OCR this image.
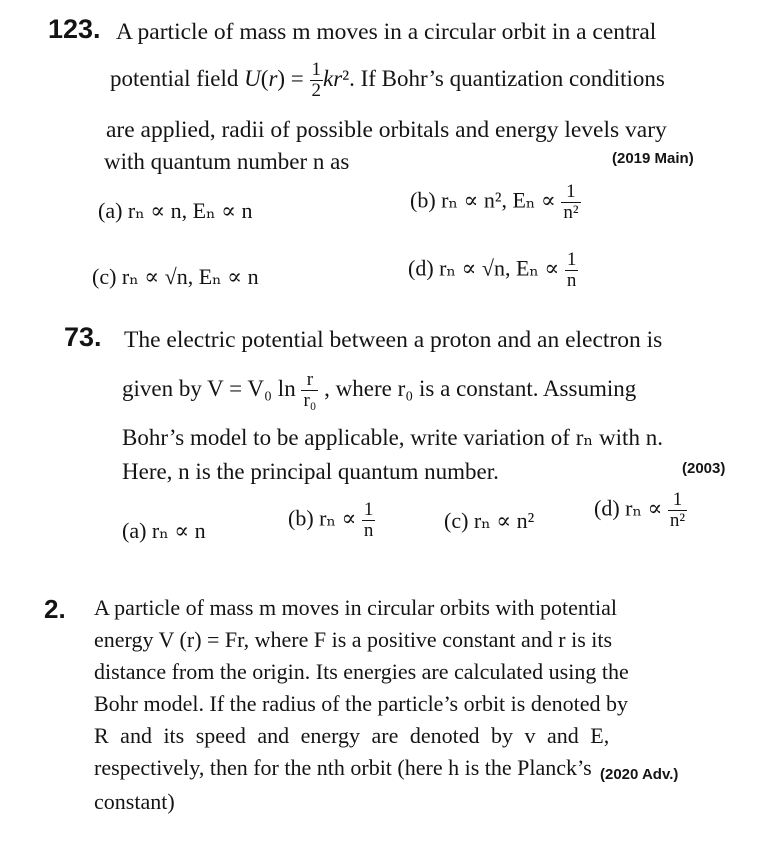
123. A particle of mass m moves in a circular orbit in a central
potential field $U(r) = \frac{1}{2} kr^2$. If Bohr’s quantization conditions
are applied, radii of possible orbitals and energy levels vary
with quantum number n as	(2019 Main)
(a) rₙ ∝ n, Eₙ ∝ n	(b) rₙ ∝ n², $E_n \propto \frac{1}{\text{n²}}$
(c) rₙ ∝ √n, Eₙ ∝ n	(d) rₙ ∝ √n, $E_n \propto \frac{1}{n}$
73. The electric potential between a proton and an electron is
given by V = V₀ $\ln \frac{r}{\text{r₀}}$ , where r₀ is a constant. Assuming
Bohr’s model to be applicable, write variation of rₙ with n.
Here, n is the principal quantum number.	(2003)
(a) rₙ ∝ n	(b) $r_n \propto \frac{1}{n}$	(c) rₙ ∝ n²	(d) $r_n \propto \frac{1}{\text{n²}}$
2. A particle of mass m moves in circular orbits with potential
energy V (r) = Fr, where F is a positive constant and r is its
distance from the origin. Its energies are calculated using the
Bohr model. If the radius of the particle’s orbit is denoted by
R and its speed and energy are denoted by v and E,
respectively, then for the nth orbit (here h is the Planck’s
constant)
(2020 Adv.)
